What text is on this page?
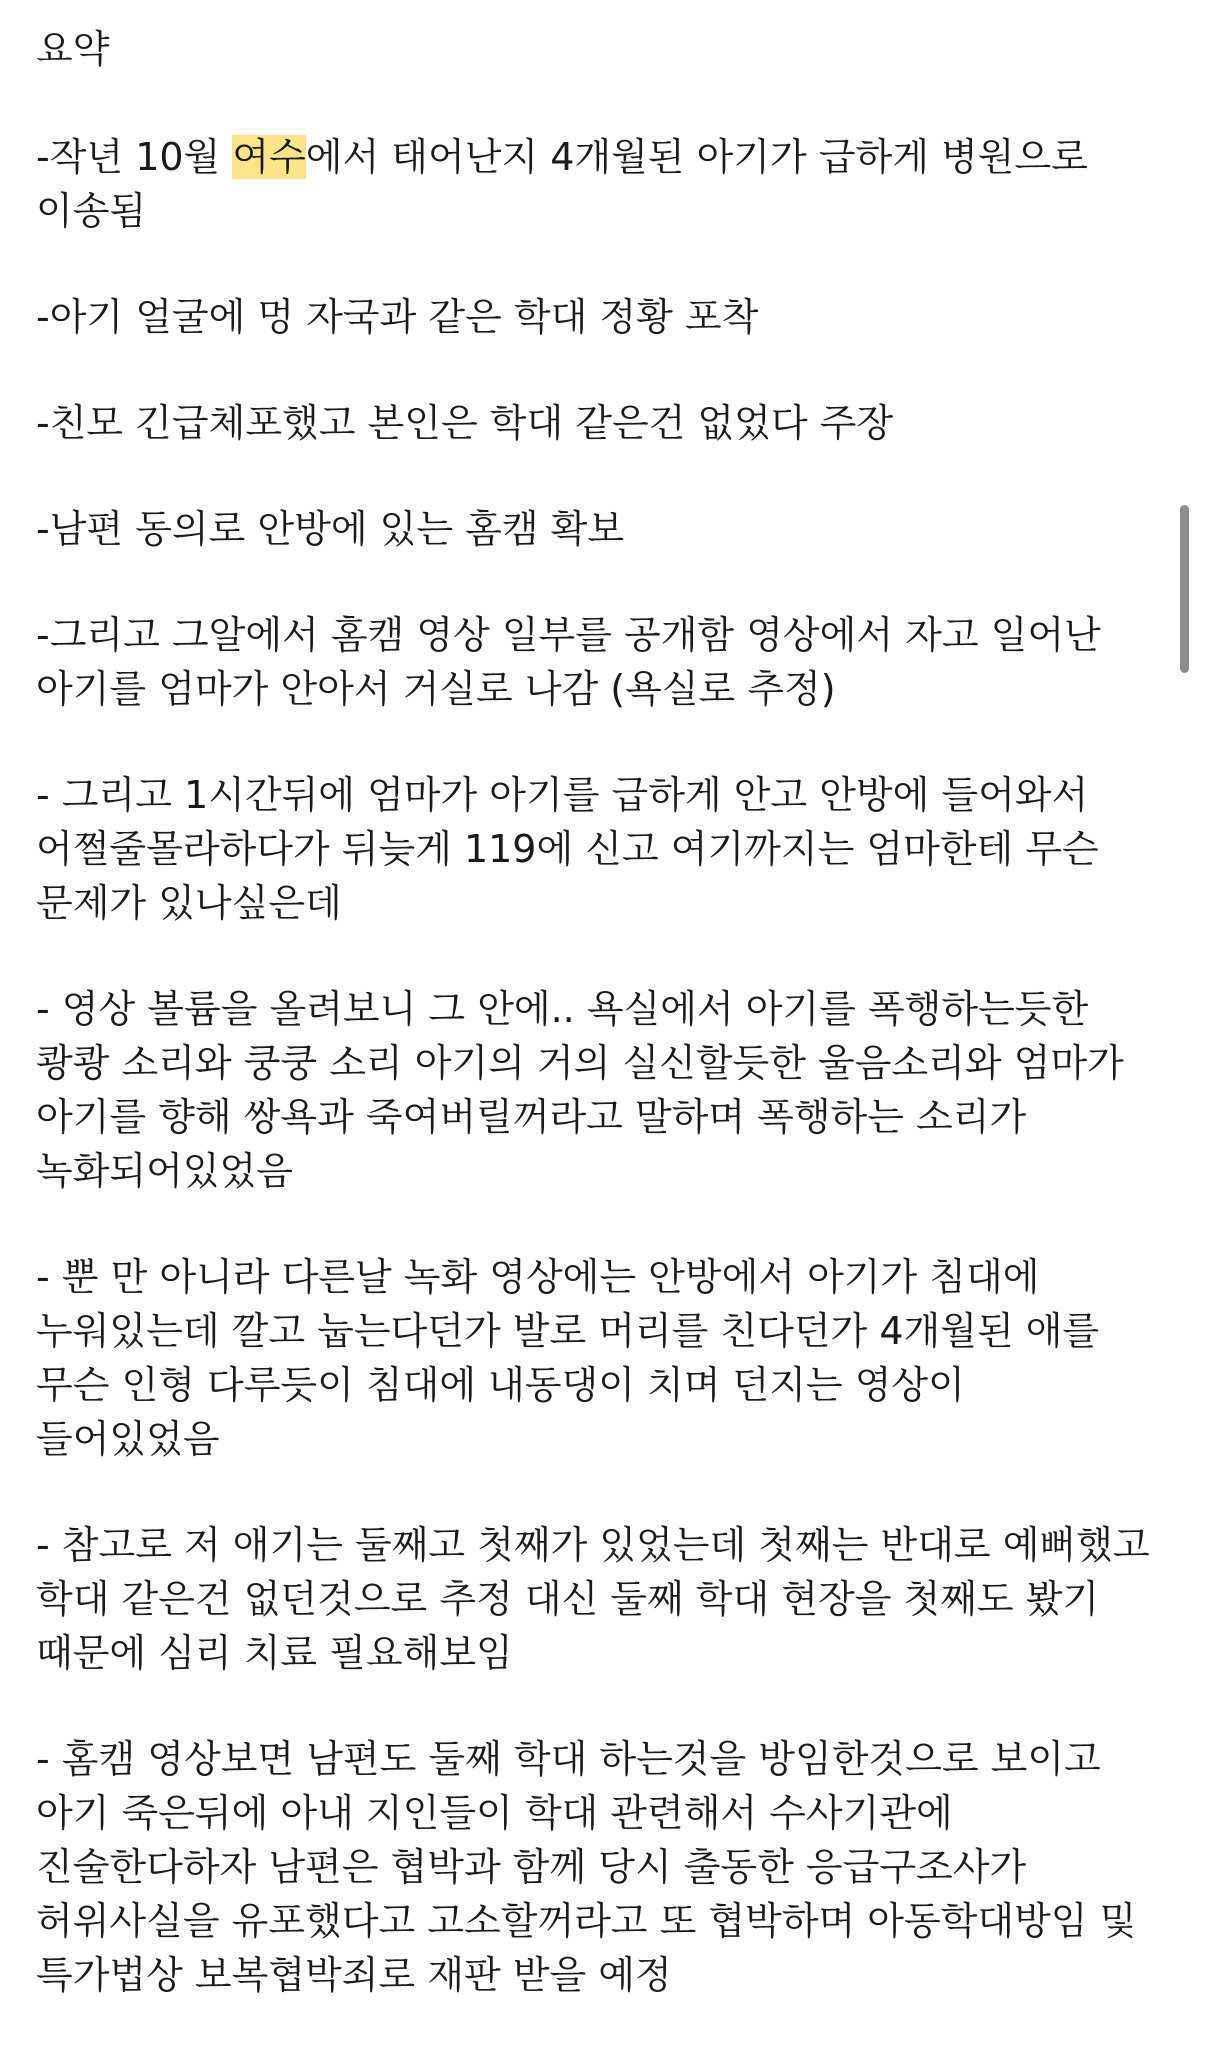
요약

-작년 10월 여수에서 태어난지 4개월된 아기가 급하게 병원으로 이송됨

-아기 얼굴에 멍 자국과 같은 학대 정황 포착

-친모 긴급체포했고 본인은 학대 같은건 없었다 주장

-남편 동의로 안방에 있는 홈캠 확보

-그리고 그알에서 홈캠 영상 일부를 공개함 영상에서 자고 일어난 아기를 엄마가 안아서 거실로 나감 (욕실로 추정)

- 그리고 1시간뒤에 엄마가 아기를 급하게 안고 안방에 들어와서 어쩔줄몰라하다가 뒤늦게 119에 신고 여기까지는 엄마한테 무슨 문제가 있나싶은데

- 영상 볼륨을 올려보니 그 안에.. 욕실에서 아기를 폭행하는듯한 쾅쾅 소리와 쿵쿵 소리 아기의 거의 실신할듯한 울음소리와 엄마가 아기를 향해 쌍욕과 죽여버릴꺼라고 말하며 폭행하는 소리가 녹화되어있었음

- 뿐 만 아니라 다른날 녹화 영상에는 안방에서 아기가 침대에 누워있는데 깔고 눕는다던가 발로 머리를 친다던가 4개월된 애를 무슨 인형 다루듯이 침대에 내동댕이 치며 던지는 영상이 들어있었음

- 참고로 저 애기는 둘째고 첫째가 있었는데 첫째는 반대로 예뻐했고 학대 같은건 없던것으로 추정 대신 둘째 학대 현장을 첫째도 봤기 때문에 심리 치료 필요해보임

- 홈캠 영상보면 남편도 둘째 학대 하는것을 방임한것으로 보이고 아기 죽은뒤에 아내 지인들이 학대 관련해서 수사기관에 진술한다하자 남편은 협박과 함께 당시 출동한 응급구조사가 허위사실을 유포했다고 고소할꺼라고 또 협박하며 아동학대방임 및 특가법상 보복협박죄로 재판 받을 예정
